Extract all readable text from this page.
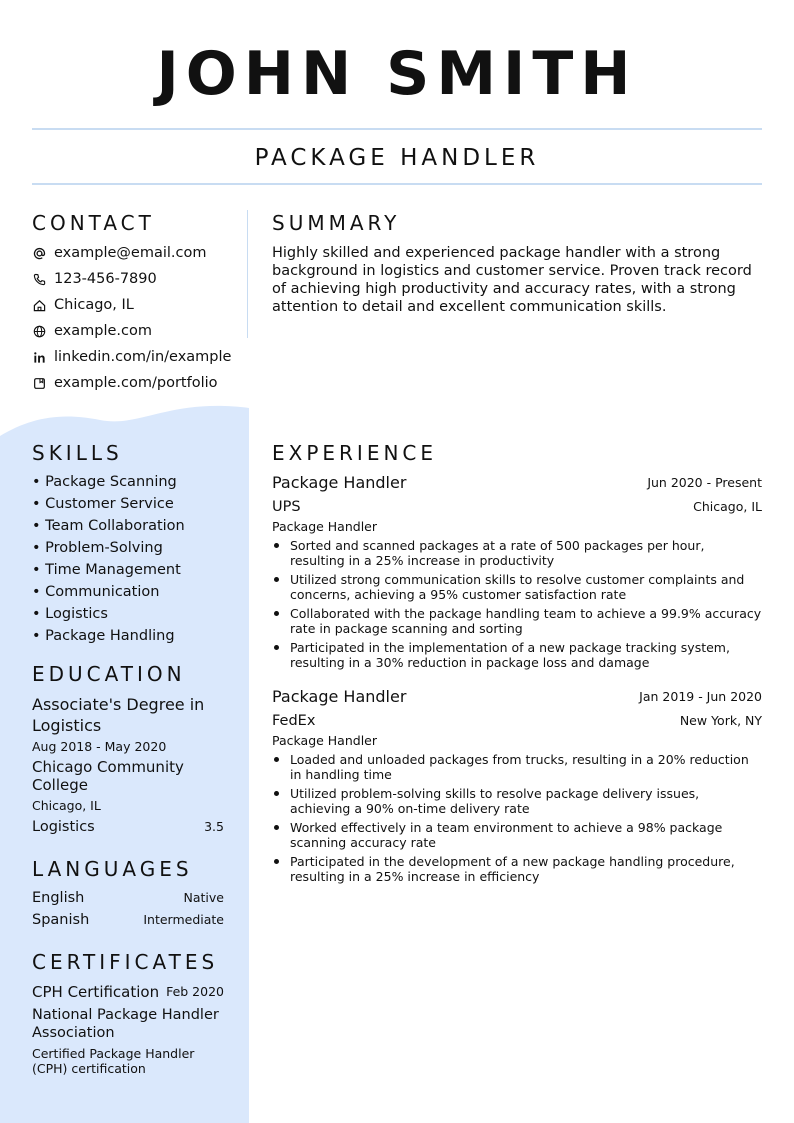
JOHN SMITH
PACKAGE HANDLER
CONTACT
example@email.com
123-456-7890
Chicago, IL
example.com
linkedin.com/in/example
example.com/portfolio
SUMMARY
Highly skilled and experienced package handler with a strong background in logistics and customer service. Proven track record of achieving high productivity and accuracy rates, with a strong attention to detail and excellent communication skills.
SKILLS
• Package Scanning
• Customer Service
• Team Collaboration
• Problem-Solving
• Time Management
• Communication
• Logistics
• Package Handling
EDUCATION
Associate's Degree in Logistics
Aug 2018 - May 2020
Chicago Community College
Chicago, IL
Logistics	3.5
LANGUAGES
English	Native
Spanish	Intermediate
CERTIFICATES
CPH Certification Feb 2020
National Package Handler Association
Certified Package Handler (CPH) certification
EXPERIENCE
Package Handler	Jun 2020 - Present
UPS	Chicago, IL
Package Handler
Sorted and scanned packages at a rate of 500 packages per hour, resulting in a 25% increase in productivity
Utilized strong communication skills to resolve customer complaints and concerns, achieving a 95% customer satisfaction rate
Collaborated with the package handling team to achieve a 99.9% accuracy rate in package scanning and sorting
Participated in the implementation of a new package tracking system, resulting in a 30% reduction in package loss and damage
Package Handler	Jan 2019 - Jun 2020
FedEx	New York, NY
Package Handler
Loaded and unloaded packages from trucks, resulting in a 20% reduction in handling time
Utilized problem-solving skills to resolve package delivery issues, achieving a 90% on-time delivery rate
Worked effectively in a team environment to achieve a 98% package scanning accuracy rate
Participated in the development of a new package handling procedure, resulting in a 25% increase in efficiency
